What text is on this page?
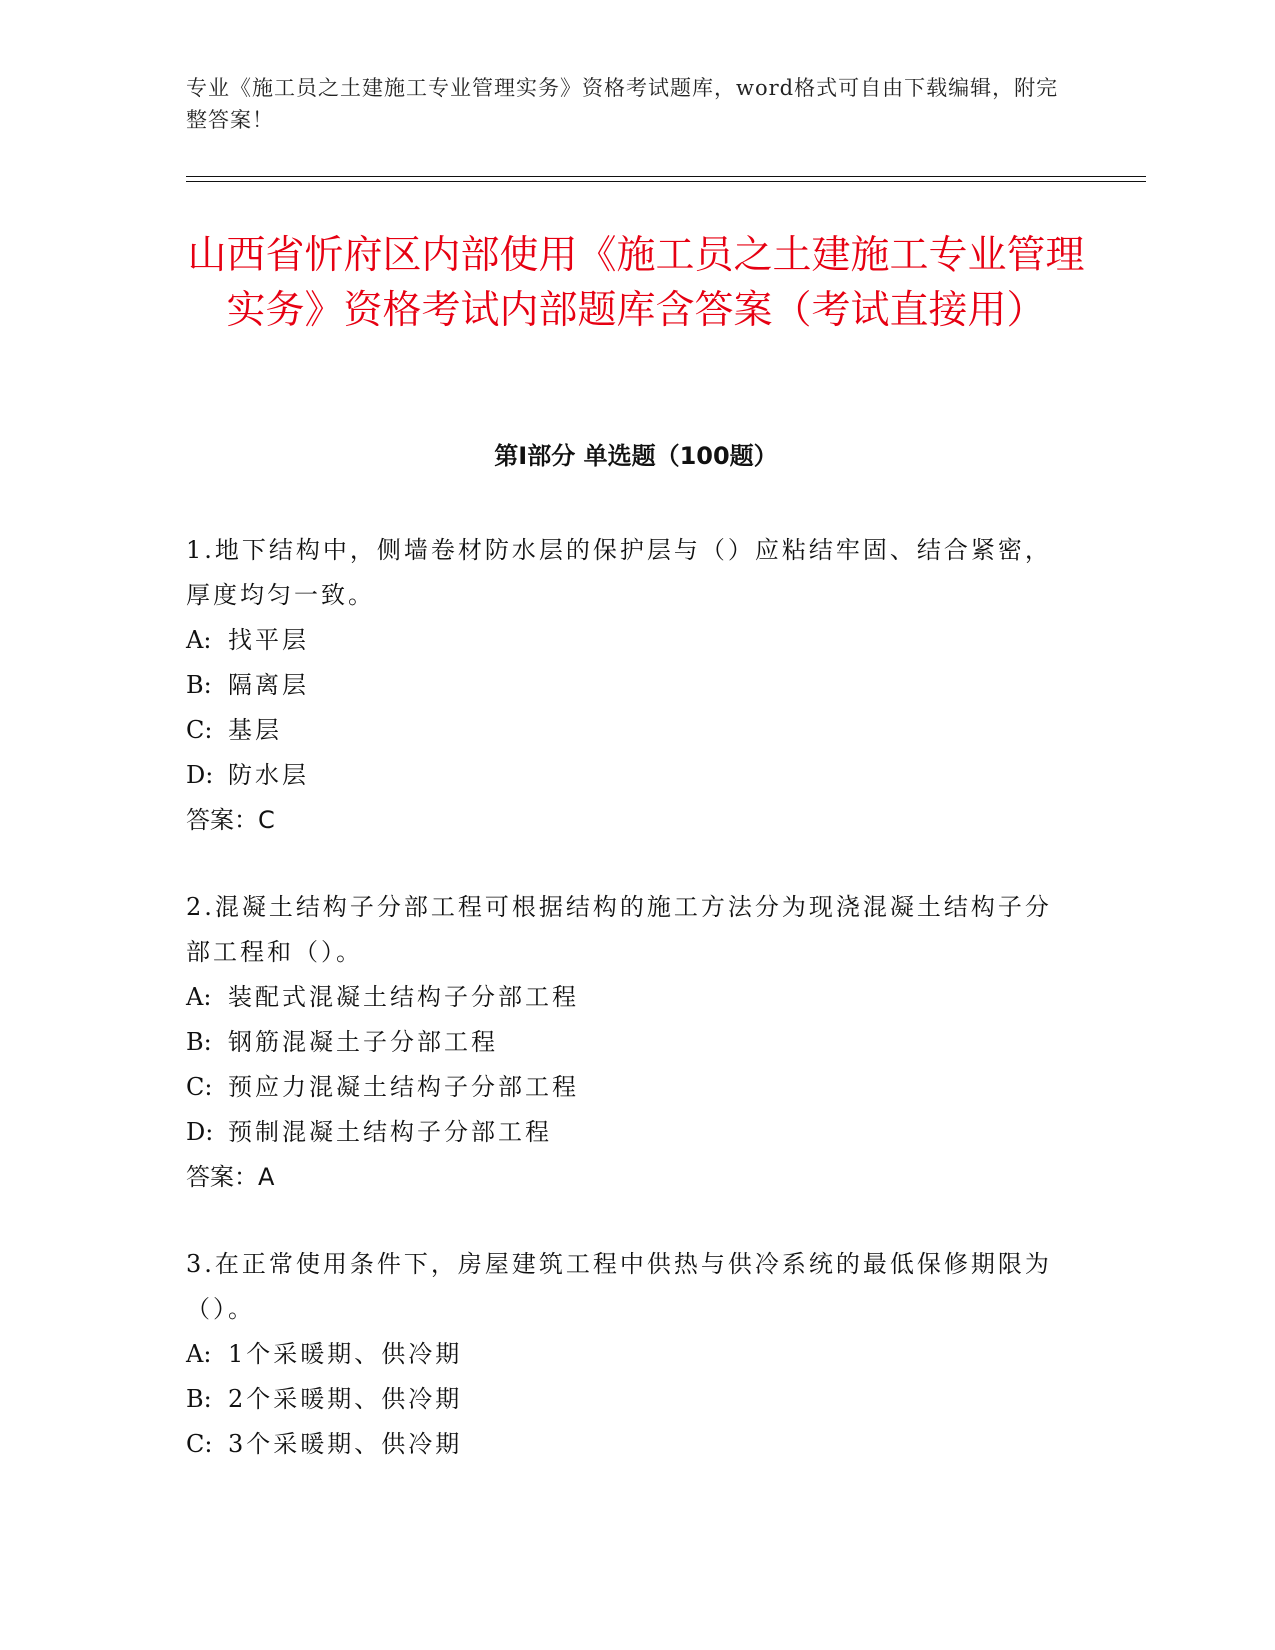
专业《施工员之土建施工专业管理实务》资格考试题库，word格式可自由下载编辑，附完整答案！
山西省忻府区内部使用《施工员之土建施工专业管理实务》资格考试内部题库含答案（考试直接用）
第Ⅰ部分 单选题（100题）
1.地下结构中，侧墙卷材防水层的保护层与（）应粘结牢固、结合紧密，厚度均匀一致。
A: 找平层
B: 隔离层
C: 基层
D: 防水层
答案：C
2.混凝土结构子分部工程可根据结构的施工方法分为现浇混凝土结构子分部工程和（）。
A: 装配式混凝土结构子分部工程
B: 钢筋混凝土子分部工程
C: 预应力混凝土结构子分部工程
D: 预制混凝土结构子分部工程
答案：A
3.在正常使用条件下，房屋建筑工程中供热与供冷系统的最低保修期限为（）。
A: 1个采暖期、供冷期
B: 2个采暖期、供冷期
C: 3个采暖期、供冷期
